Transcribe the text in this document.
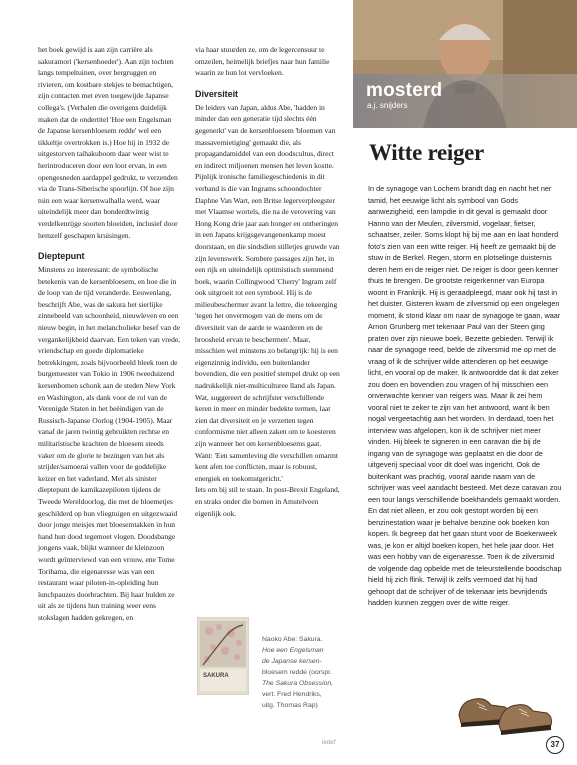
het boek gewijd is aan zijn carrière als sakuramori ('kersenhoeder'). Aan zijn tochten langs tempeltuinen, over bergruggen en rivieren, om kostbare stekjes te bemachtigen, zijn contacten met even toegewijde Japanse collega's. (Verhalen die overigens duidelijk maken dat de ondertitel 'Hoe een Engelsman de Japanse kersenbloesem redde' wel een tikkeltje overtrokken is.) Hoe hij in 1932 de uitgestorven taihakuboom daar weer wist te herintroduceren door een loot ervan, in een opengesneden aardappel gedrukt, te verzenden via de Trans-Siberische spoorlijn. Of hoe zijn tuin een waar kersenwalhalla werd, waar uiteindelijk meer dan honderdtwintig verdelkenrijge soorten bloeiden, inclusief door hemzelf geschapen kruisingen.

Dieptepunt

Minstens zo interessant: de symbolische betekenis van de kersenbloesem, en hoe die in de loop van de tijd veranderde. Eeuwenlang, beschrijft Abe, was de sakura het sierlijke zinnebeeld van schoonheid, nieuwleven en een nieuw begin, in het melancholieke besef van de vergankelijkheid daarvan. Een teken van vrede, vriendschap en goede diplomatieke betrekkingen, zoals bijvoorbeeld bleek toen de burgemeester van Tokio in 1906 tweeduizend kersenbomen schonk aan de steden New York en Washington, als dank voor de rol van de Verenigde Staten in het beëindigen van de Russisch-Japanse Oorlog (1904-1905). Maar vanaf de jaren twintig gebruikten rechtse en militaristische krachten de bloesem steeds vaker om de glorie te bezingen van het als strijder/samoerai vallen voor de goddelijke keizer en het vaderland. Met als sinister dieptepunt de kamikazepiloten tijdens de Tweede Wereldoorlog, die met de bloemetjes geschilderd op hun vliegtuigen en uitgezwaaid door jonge meisjes met bloesemtakken in hun hand hun dood tegemoet vlogen. Doodsbange jongens vaak, blijkt wanneer de kleinzoon wordt geïnterviewd van een vrouw, ene Tome Torihama, die eigenaresse was van een restaurant waar piloten-in-opleiding hun lunchpauzes doorbrachten. Bij haar hulden ze uit als ze tijdens hun training weer eens stokslagen hadden gekregen, en

via haar stuurden ze, om de legercensuur te omzeilen, heimelijk briefjes naar hun familie waarin ze hun lot vervloeken.

Diversiteit

De leiders van Japan, aldus Abe, 'hadden in minder dan een generatie tijd slechts één gegenerkt' van de kersenbloesem 'bloemen van massavernietiging' gemaakt die, als propagandamiddel van een doodscultus, direct en indirect miljoenen mensen het leven kostte. Pijnlijk ironische familiegeschiedenis in dit verband is die van Ingrams schoondochter Daphne Van Wart, een Britse legerverpleegster met Vlaamse wortels, die na de verovering van Hong Kong drie jaar aan honger en ontberingen in een Japans krijgsgevangenenkamp moest doorstaan, en die sindsdien stilletjes gruwde van zijn levenswerk. Sombere passages zijn het, in een rijk en uiteindelijk optimistisch stemmend boek, waarin Collingwood 'Cherry' Ingram zelf ook uitgroeit tot een symbool. Hij is de milieubeschermer avant la lettre, die tekeerging 'tegen het onvermogen van de mens om de diversiteit van de aarde te waarderen en de broosheid ervan te beschermen'. Maar, misschien wel minstens zo belangrijk: hij is een eigenzinnig individu, een buitenlander bovendien, die een positief stempel drukt op een nadrukkelijk niet-multiculturee lland als Japan. Wat, suggereert de schrijfster verschillende keren in meer en minder bedekte termen, laat zien dat diversiteit en je verzetten tegen conformisme niet alleen zaken om te koesteren zijn wanneer het om kersenbloesems gaat. Want: 'Een samenleving die verschillen omarmt kent afen toe conflicten, maar is robuust, energiek en toekomstgericht.'

Iets om bij stil te staan. In post-Brexit Engeland, en straks onder die bomen in Amstelveen eigenlijk ook.

SAKURA
Naoko Abe: Sakura.
Hoe een Engelsman
de Japanse kersen-
bloesem redde (oorspr.
The Sakura Obsession,
vert. Fred Hendriks,
uitg. Thomas Rap)
mosterd
a.j. snijders
Witte reiger
In de synagoge van Lochem brandt dag en nacht het ner tamid, het eeuwige licht als symbool van Gods aanwezigheid, een lampdie in dit geval is gemaakt door Hanno van der Meulen, zilversmid, vogelaar, fietser, schaatser, zeiler. Soms klopt hij bij me aan en laat honderd foto's zien van een witte reiger. Hij heeft ze gemaakt bij de stuw in de Berkel. Regen, storm en plotselinge duisternis deren hem en de reiger niet. De reiger is door geen kenner thuis te brengen. De grootste reigerkenner van Europa woont in Frankrijk. Hij is geraadpleegd, maar ook hij tast in het duister. Gisteren kwam de zilversmid op een ongelegen moment, ik stond klaar om naar de synagoge te gaan, waar Arnon Grunberg met tekenaar Paul van der Steen ging praten over zijn nieuwe boek, Bezette gebieden. Terwijl ik naar de synagoge reed, belde de zilversmid me op met de vraag of ik de schrijver wilde attenderen op het eeuwige licht, en vooral op de maker. Ik antwoordde dat ik dat zeker zou doen en bovendien zou vragen of hij misschien een onverwachte kenner van reigers was. Maar ik zei hem vooral niet te zeker te zijn van het antwoord, want ik ben nogal vergeetachtig aan het worden. In derdaad, toen het interview was afgelopen, kon ik de schrijver niet meer vinden. Hij bleek te signeren in een caravan die bij de ingang van de synagoge was geplaatst en die door de uitgeverij speciaal voor dit doel was ingericht. Ook de buitenkant was prachtig, vooral aande naam van de schrijver was veel aandacht besteed. Met deze caravan zou een tour langs verschillende boekhandels gemaakt worden. En dat niet alleen, er zou ook gestopt worden bij een benzinestation waar je behalve benzine ook boeken kon kopen. Ik begreep dat het gaan stunt voor de Boekenweek was, je kon er altijd boeken kopen, het hele jaar door. Het was een hobby van de eigenaresse. Toen ik de zilversmid de volgende dag opbelde met de teleurstellende boodschap hield hij zich flink. Terwijl ik zelfs vermoed dat hij had gehoopt dat de schrijver of de tekenaar iets bevrijdends hadden kunnen zeggen over de witte reiger.
ledet'	37
